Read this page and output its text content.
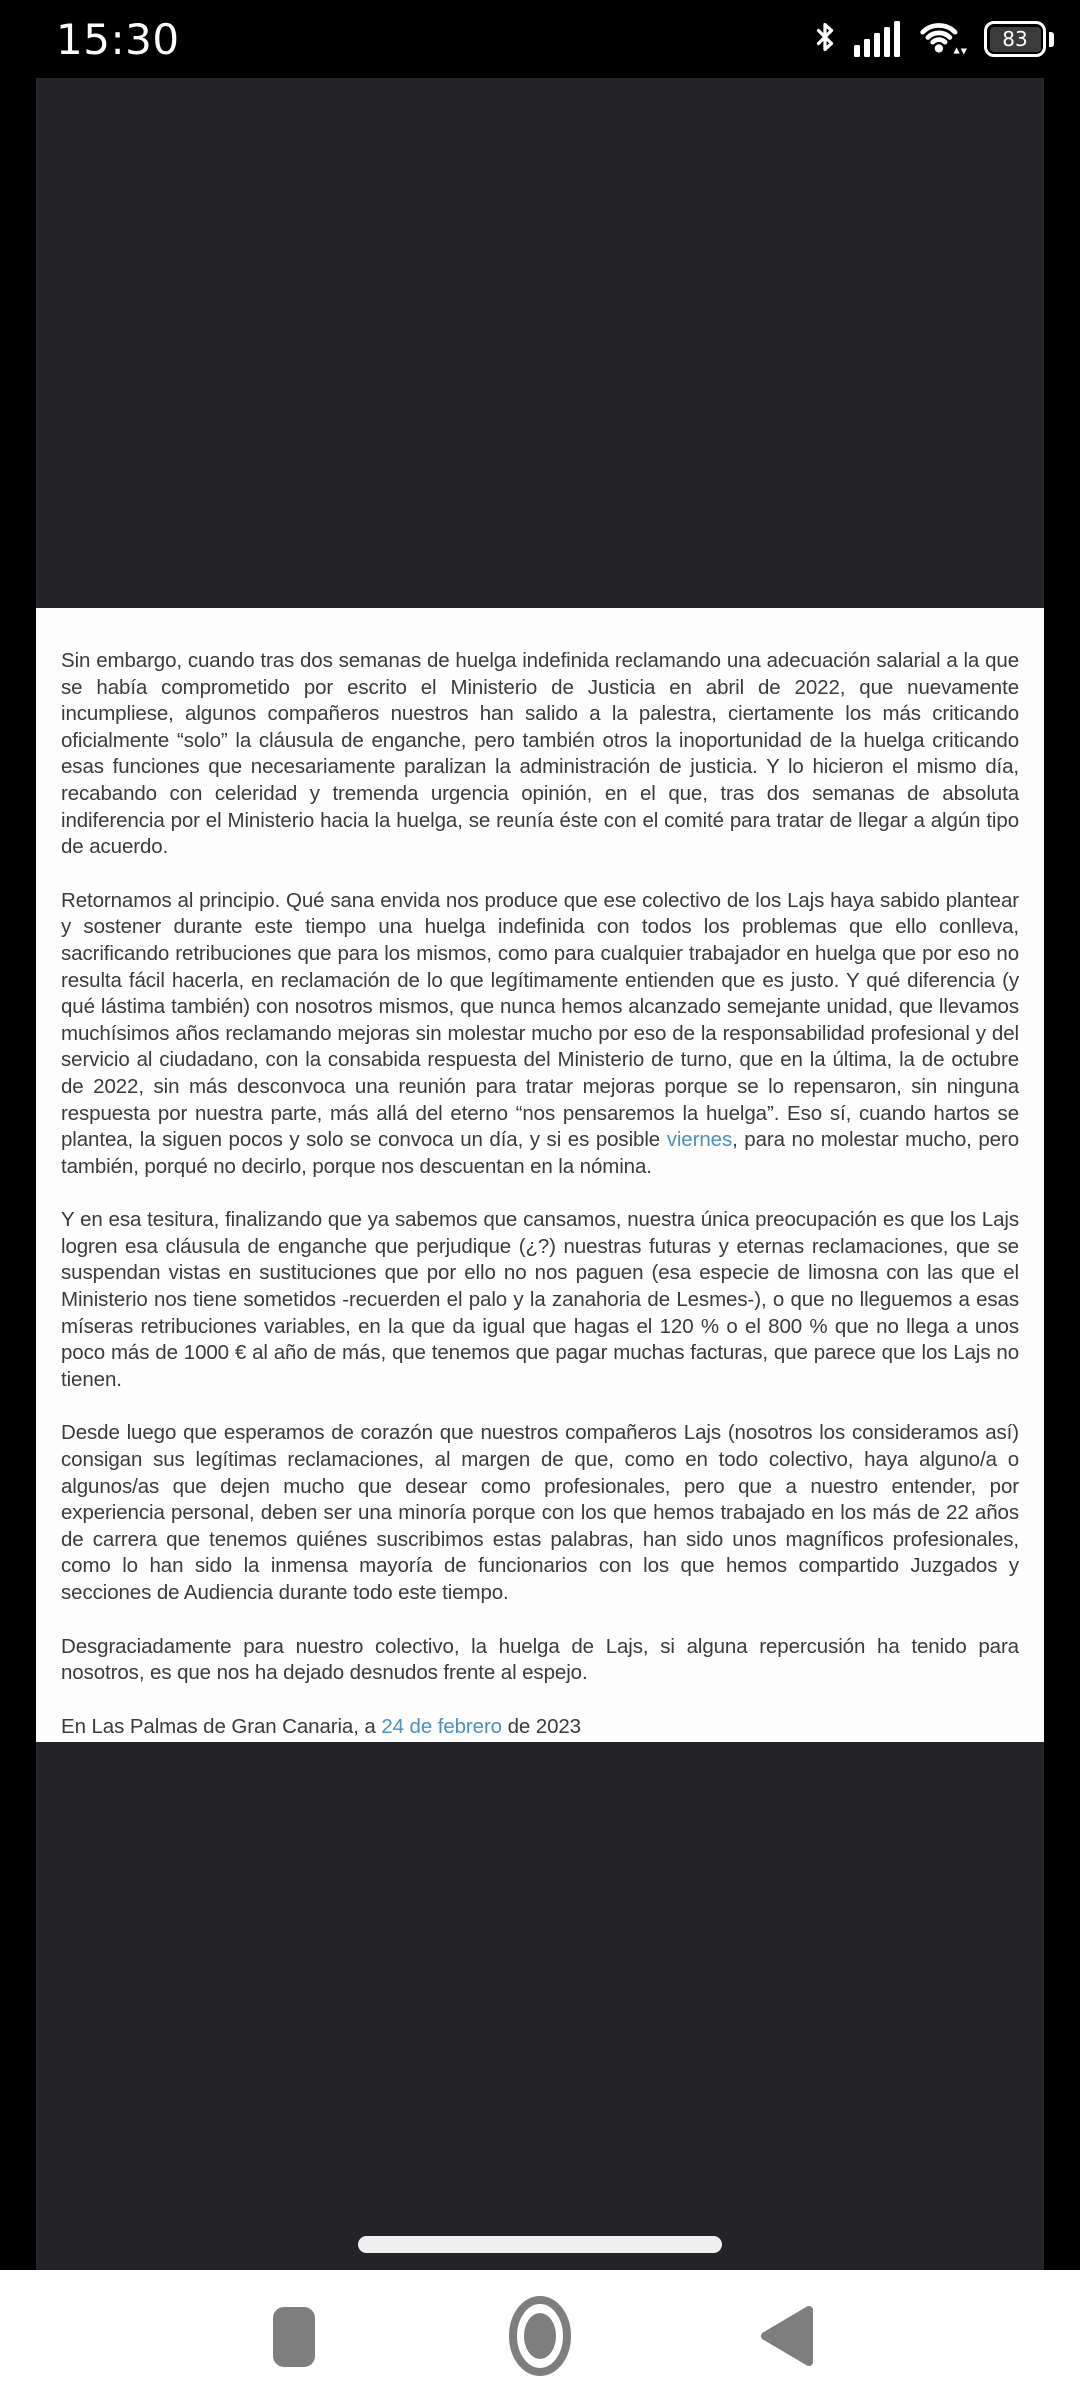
15:30	83

Sin embargo, cuando tras dos semanas de huelga indefinida reclamando una adecuación salarial a la que se había comprometido por escrito el Ministerio de Justicia en abril de 2022, que nuevamente incumpliese, algunos compañeros nuestros han salido a la palestra, ciertamente los más criticando oficialmente “solo” la cláusula de enganche, pero también otros la inoportunidad de la huelga criticando esas funciones que necesariamente paralizan la administración de justicia. Y lo hicieron el mismo día, recabando con celeridad y tremenda urgencia opinión, en el que, tras dos semanas de absoluta indiferencia por el Ministerio hacia la huelga, se reunía éste con el comité para tratar de llegar a algún tipo de acuerdo.

Retornamos al principio. Qué sana envida nos produce que ese colectivo de los Lajs haya sabido plantear y sostener durante este tiempo una huelga indefinida con todos los problemas que ello conlleva, sacrificando retribuciones que para los mismos, como para cualquier trabajador en huelga que por eso no resulta fácil hacerla, en reclamación de lo que legítimamente entienden que es justo. Y qué diferencia (y qué lástima también) con nosotros mismos, que nunca hemos alcanzado semejante unidad, que llevamos muchísimos años reclamando mejoras sin molestar mucho por eso de la responsabilidad profesional y del servicio al ciudadano, con la consabida respuesta del Ministerio de turno, que en la última, la de octubre de 2022, sin más desconvoca una reunión para tratar mejoras porque se lo repensaron, sin ninguna respuesta por nuestra parte, más allá del eterno “nos pensaremos la huelga”. Eso sí, cuando hartos se plantea, la siguen pocos y solo se convoca un día, y si es posible viernes, para no molestar mucho, pero también, porqué no decirlo, porque nos descuentan en la nómina.

Y en esa tesitura, finalizando que ya sabemos que cansamos, nuestra única preocupación es que los Lajs logren esa cláusula de enganche que perjudique (¿?) nuestras futuras y eternas reclamaciones, que se suspendan vistas en sustituciones que por ello no nos paguen (esa especie de limosna con las que el Ministerio nos tiene sometidos -recuerden el palo y la zanahoria de Lesmes-), o que no lleguemos a esas míseras retribuciones variables, en la que da igual que hagas el 120 % o el 800 % que no llega a unos poco más de 1000 € al año de más, que tenemos que pagar muchas facturas, que parece que los Lajs no tienen.

Desde luego que esperamos de corazón que nuestros compañeros Lajs (nosotros los consideramos así) consigan sus legítimas reclamaciones, al margen de que, como en todo colectivo, haya alguno/a o algunos/as que dejen mucho que desear como profesionales, pero que a nuestro entender, por experiencia personal, deben ser una minoría porque con los que hemos trabajado en los más de 22 años de carrera que tenemos quiénes suscribimos estas palabras, han sido unos magníficos profesionales, como lo han sido la inmensa mayoría de funcionarios con los que hemos compartido Juzgados y secciones de Audiencia durante todo este tiempo.

Desgraciadamente para nuestro colectivo, la huelga de Lajs, si alguna repercusión ha tenido para nosotros, es que nos ha dejado desnudos frente al espejo.

En Las Palmas de Gran Canaria, a 24 de febrero de 2023
